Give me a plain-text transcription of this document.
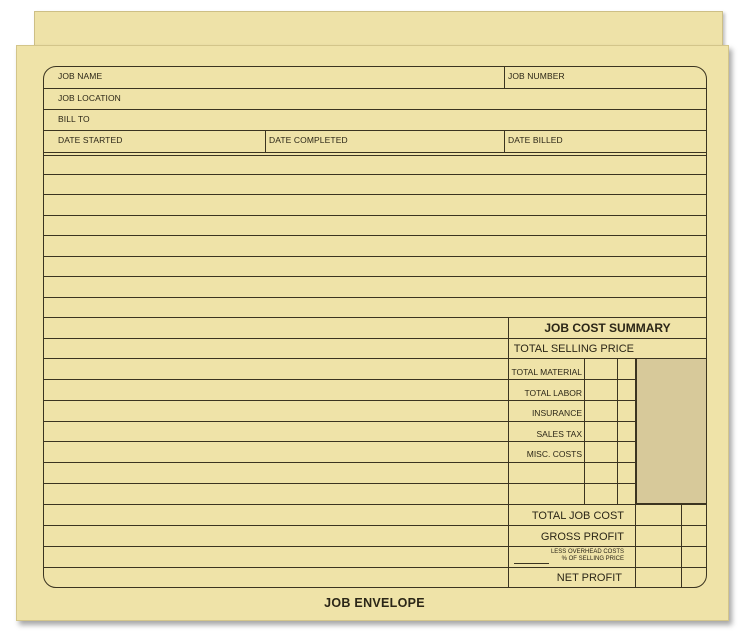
JOB NAME	JOB NUMBER
JOB LOCATION
BILL TO
DATE STARTED	DATE COMPLETED	DATE BILLED
JOB COST SUMMARY
TOTAL SELLING PRICE
TOTAL MATERIAL
TOTAL LABOR
INSURANCE
SALES TAX
MISC. COSTS
TOTAL JOB COST
GROSS PROFIT
LESS OVERHEAD COSTS
% OF SELLING PRICE
NET PROFIT
JOB ENVELOPE
